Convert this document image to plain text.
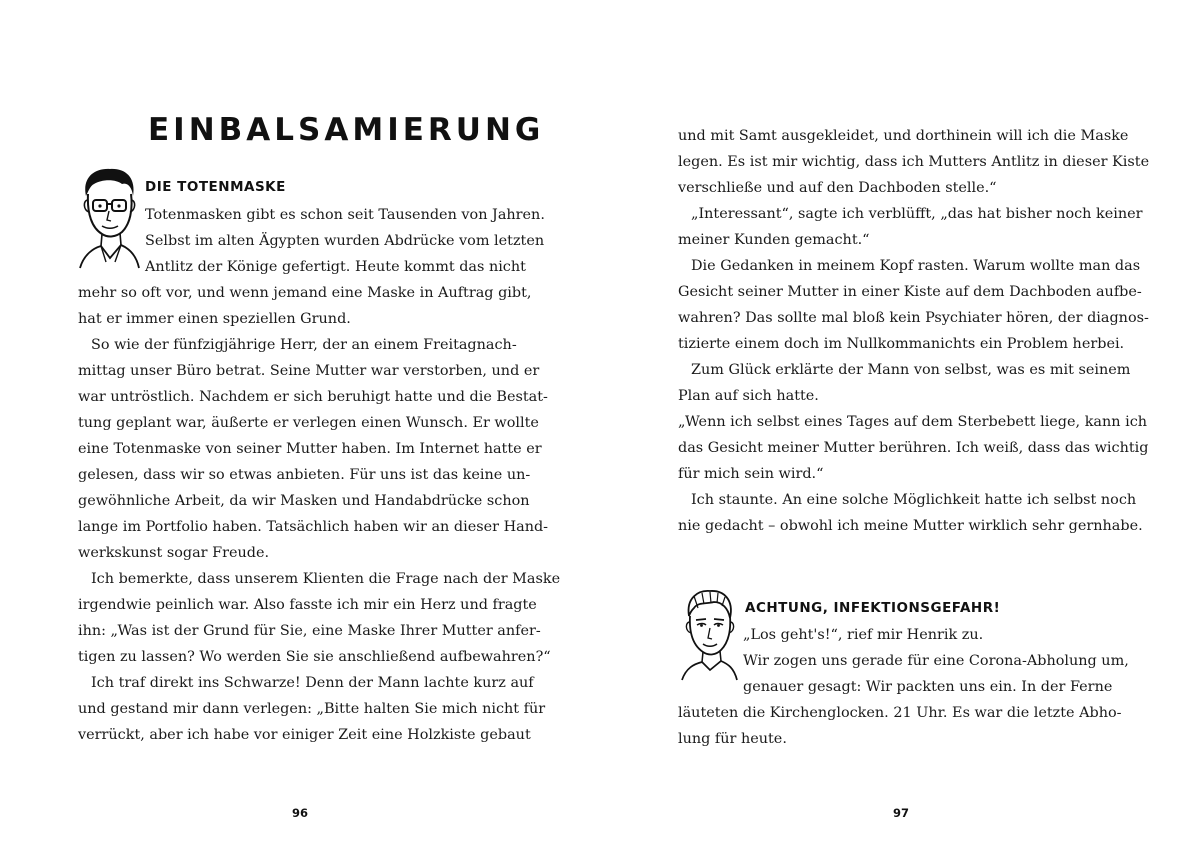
EINBALSAMIERUNG
DIE TOTENMASKE
Totenmasken gibt es schon seit Tausenden von Jahren.
Selbst im alten Ägypten wurden Abdrücke vom letzten
Antlitz der Könige gefertigt. Heute kommt das nicht
mehr so oft vor, und wenn jemand eine Maske in Auftrag gibt,
hat er immer einen speziellen Grund.
So wie der fünfzigjährige Herr, der an einem Freitagnach-
mittag unser Büro betrat. Seine Mutter war verstorben, und er
war untröstlich. Nachdem er sich beruhigt hatte und die Bestat-
tung geplant war, äußerte er verlegen einen Wunsch. Er wollte
eine Totenmaske von seiner Mutter haben. Im Internet hatte er
gelesen, dass wir so etwas anbieten. Für uns ist das keine un-
gewöhnliche Arbeit, da wir Masken und Handabdrücke schon
lange im Portfolio haben. Tatsächlich haben wir an dieser Hand-
werkskunst sogar Freude.
Ich bemerkte, dass unserem Klienten die Frage nach der Maske
irgendwie peinlich war. Also fasste ich mir ein Herz und fragte
ihn: „Was ist der Grund für Sie, eine Maske Ihrer Mutter anfer-
tigen zu lassen? Wo werden Sie sie anschließend aufbewahren?“
Ich traf direkt ins Schwarze! Denn der Mann lachte kurz auf
und gestand mir dann verlegen: „Bitte halten Sie mich nicht für
verrückt, aber ich habe vor einiger Zeit eine Holzkiste gebaut
96
und mit Samt ausgekleidet, und dorthinein will ich die Maske
legen. Es ist mir wichtig, dass ich Mutters Antlitz in dieser Kiste
verschließe und auf den Dachboden stelle.“
„Interessant“, sagte ich verblüfft, „das hat bisher noch keiner
meiner Kunden gemacht.“
Die Gedanken in meinem Kopf rasten. Warum wollte man das
Gesicht seiner Mutter in einer Kiste auf dem Dachboden aufbe-
wahren? Das sollte mal bloß kein Psychiater hören, der diagnos-
tizierte einem doch im Nullkommanichts ein Problem herbei.
Zum Glück erklärte der Mann von selbst, was es mit seinem
Plan auf sich hatte.
„Wenn ich selbst eines Tages auf dem Sterbebett liege, kann ich
das Gesicht meiner Mutter berühren. Ich weiß, dass das wichtig
für mich sein wird.“
Ich staunte. An eine solche Möglichkeit hatte ich selbst noch
nie gedacht – obwohl ich meine Mutter wirklich sehr gernhabe.
ACHTUNG, INFEKTIONSGEFAHR!
„Los geht's!“, rief mir Henrik zu.
Wir zogen uns gerade für eine Corona-Abholung um,
genauer gesagt: Wir packten uns ein. In der Ferne
läuteten die Kirchenglocken. 21 Uhr. Es war die letzte Abho-
lung für heute.
97
